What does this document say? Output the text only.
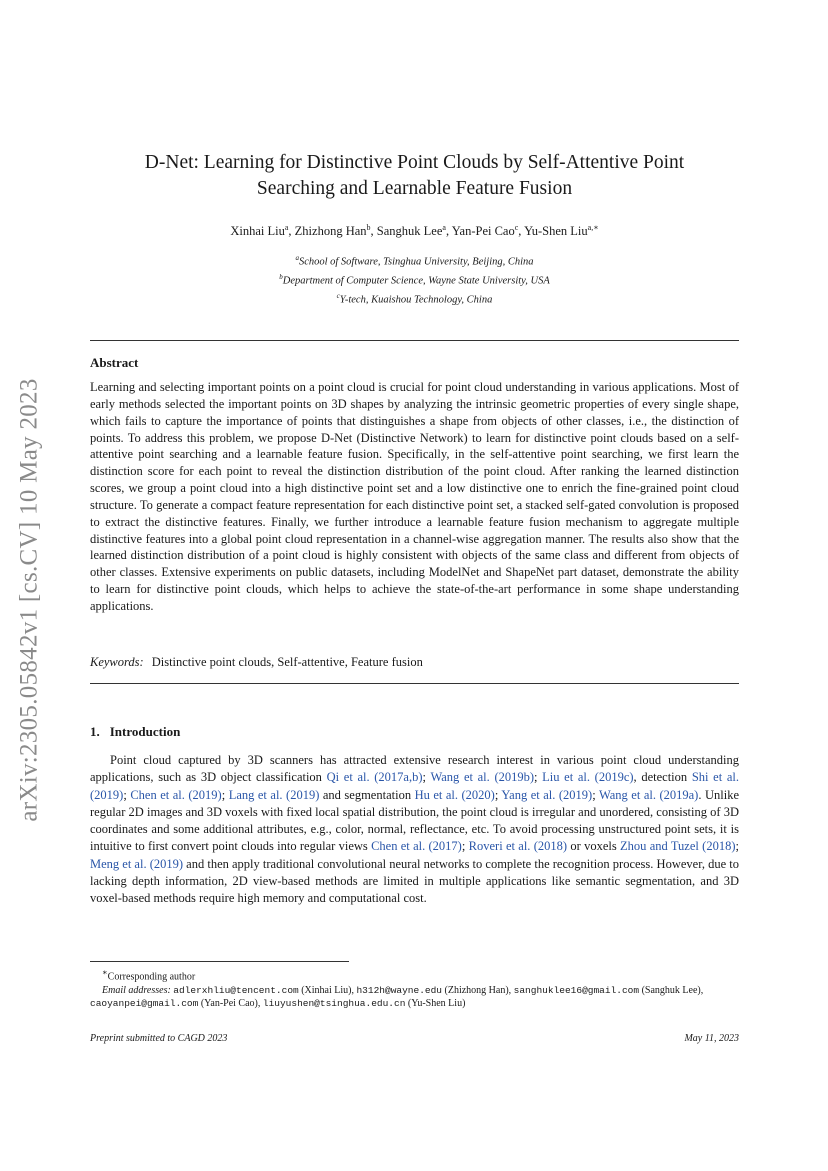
arXiv:2305.05842v1 [cs.CV] 10 May 2023
D-Net: Learning for Distinctive Point Clouds by Self-Attentive Point
Searching and Learnable Feature Fusion
Xinhai Liu$^a$, Zhizhong Han$^b$, Sanghuk Lee$^a$, Yan-Pei Cao$^c$, Yu-Shen Liu$^{a,∗}$
$^a$School of Software, Tsinghua University, Beijing, China
$^b$Department of Computer Science, Wayne State University, USA
$^c$Y-tech, Kuaishou Technology, China
Abstract

Learning and selecting important points on a point cloud is crucial for point cloud understanding in various applications. Most of early methods selected the important points on 3D shapes by analyzing the intrinsic geometric properties of every single shape, which fails to capture the importance of points that distinguishes a shape from objects of other classes, i.e., the distinction of points. To address this problem, we propose D-Net (Distinctive Network) to learn for distinctive point clouds based on a self-attentive point searching and a learnable feature fusion. Specifically, in the self-attentive point searching, we first learn the distinction score for each point to reveal the distinction distribution of the point cloud. After ranking the learned distinction scores, we group a point cloud into a high distinctive point set and a low distinctive one to enrich the fine-grained point cloud structure. To generate a compact feature representation for each distinctive point set, a stacked self-gated convolution is proposed to extract the distinctive features. Finally, we further introduce a learnable feature fusion mechanism to aggregate multiple distinctive features into a global point cloud representation in a channel-wise aggregation manner. The results also show that the learned distinction distribution of a point cloud is highly consistent with objects of the same class and different from objects of other classes. Extensive experiments on public datasets, including ModelNet and ShapeNet part dataset, demonstrate the ability to learn for distinctive point clouds, which helps to achieve the state-of-the-art performance in some shape understanding applications.

Keywords: Distinctive point clouds, Self-attentive, Feature fusion
1. Introduction

Point cloud captured by 3D scanners has attracted extensive research interest in various point cloud understanding applications, such as 3D object classification Qi et al. (2017a,b); Wang et al. (2019b); Liu et al. (2019c), detection Shi et al. (2019); Chen et al. (2019); Lang et al. (2019) and segmentation Hu et al. (2020); Yang et al. (2019); Wang et al. (2019a). Unlike regular 2D images and 3D voxels with fixed local spatial distribution, the point cloud is irregular and unordered, consisting of 3D coordinates and some additional attributes, e.g., color, normal, reflectance, etc. To avoid processing unstructured point sets, it is intuitive to first convert point clouds into regular views Chen et al. (2017); Roveri et al. (2018) or voxels Zhou and Tuzel (2018); Meng et al. (2019) and then apply traditional convolutional neural networks to complete the recognition process. However, due to lacking depth information, 2D view-based methods are limited in multiple applications like semantic segmentation, and 3D voxel-based methods require high memory and computational cost.

∗Corresponding author
Email addresses: adlerxhliu@tencent.com (Xinhai Liu), h312h@wayne.edu (Zhizhong Han), sanghuklee16@gmail.com (Sanghuk Lee), caoyanpei@gmail.com (Yan-Pei Cao), liuyushen@tsinghua.edu.cn (Yu-Shen Liu)
Preprint submitted to CAGD 2023	May 11, 2023
